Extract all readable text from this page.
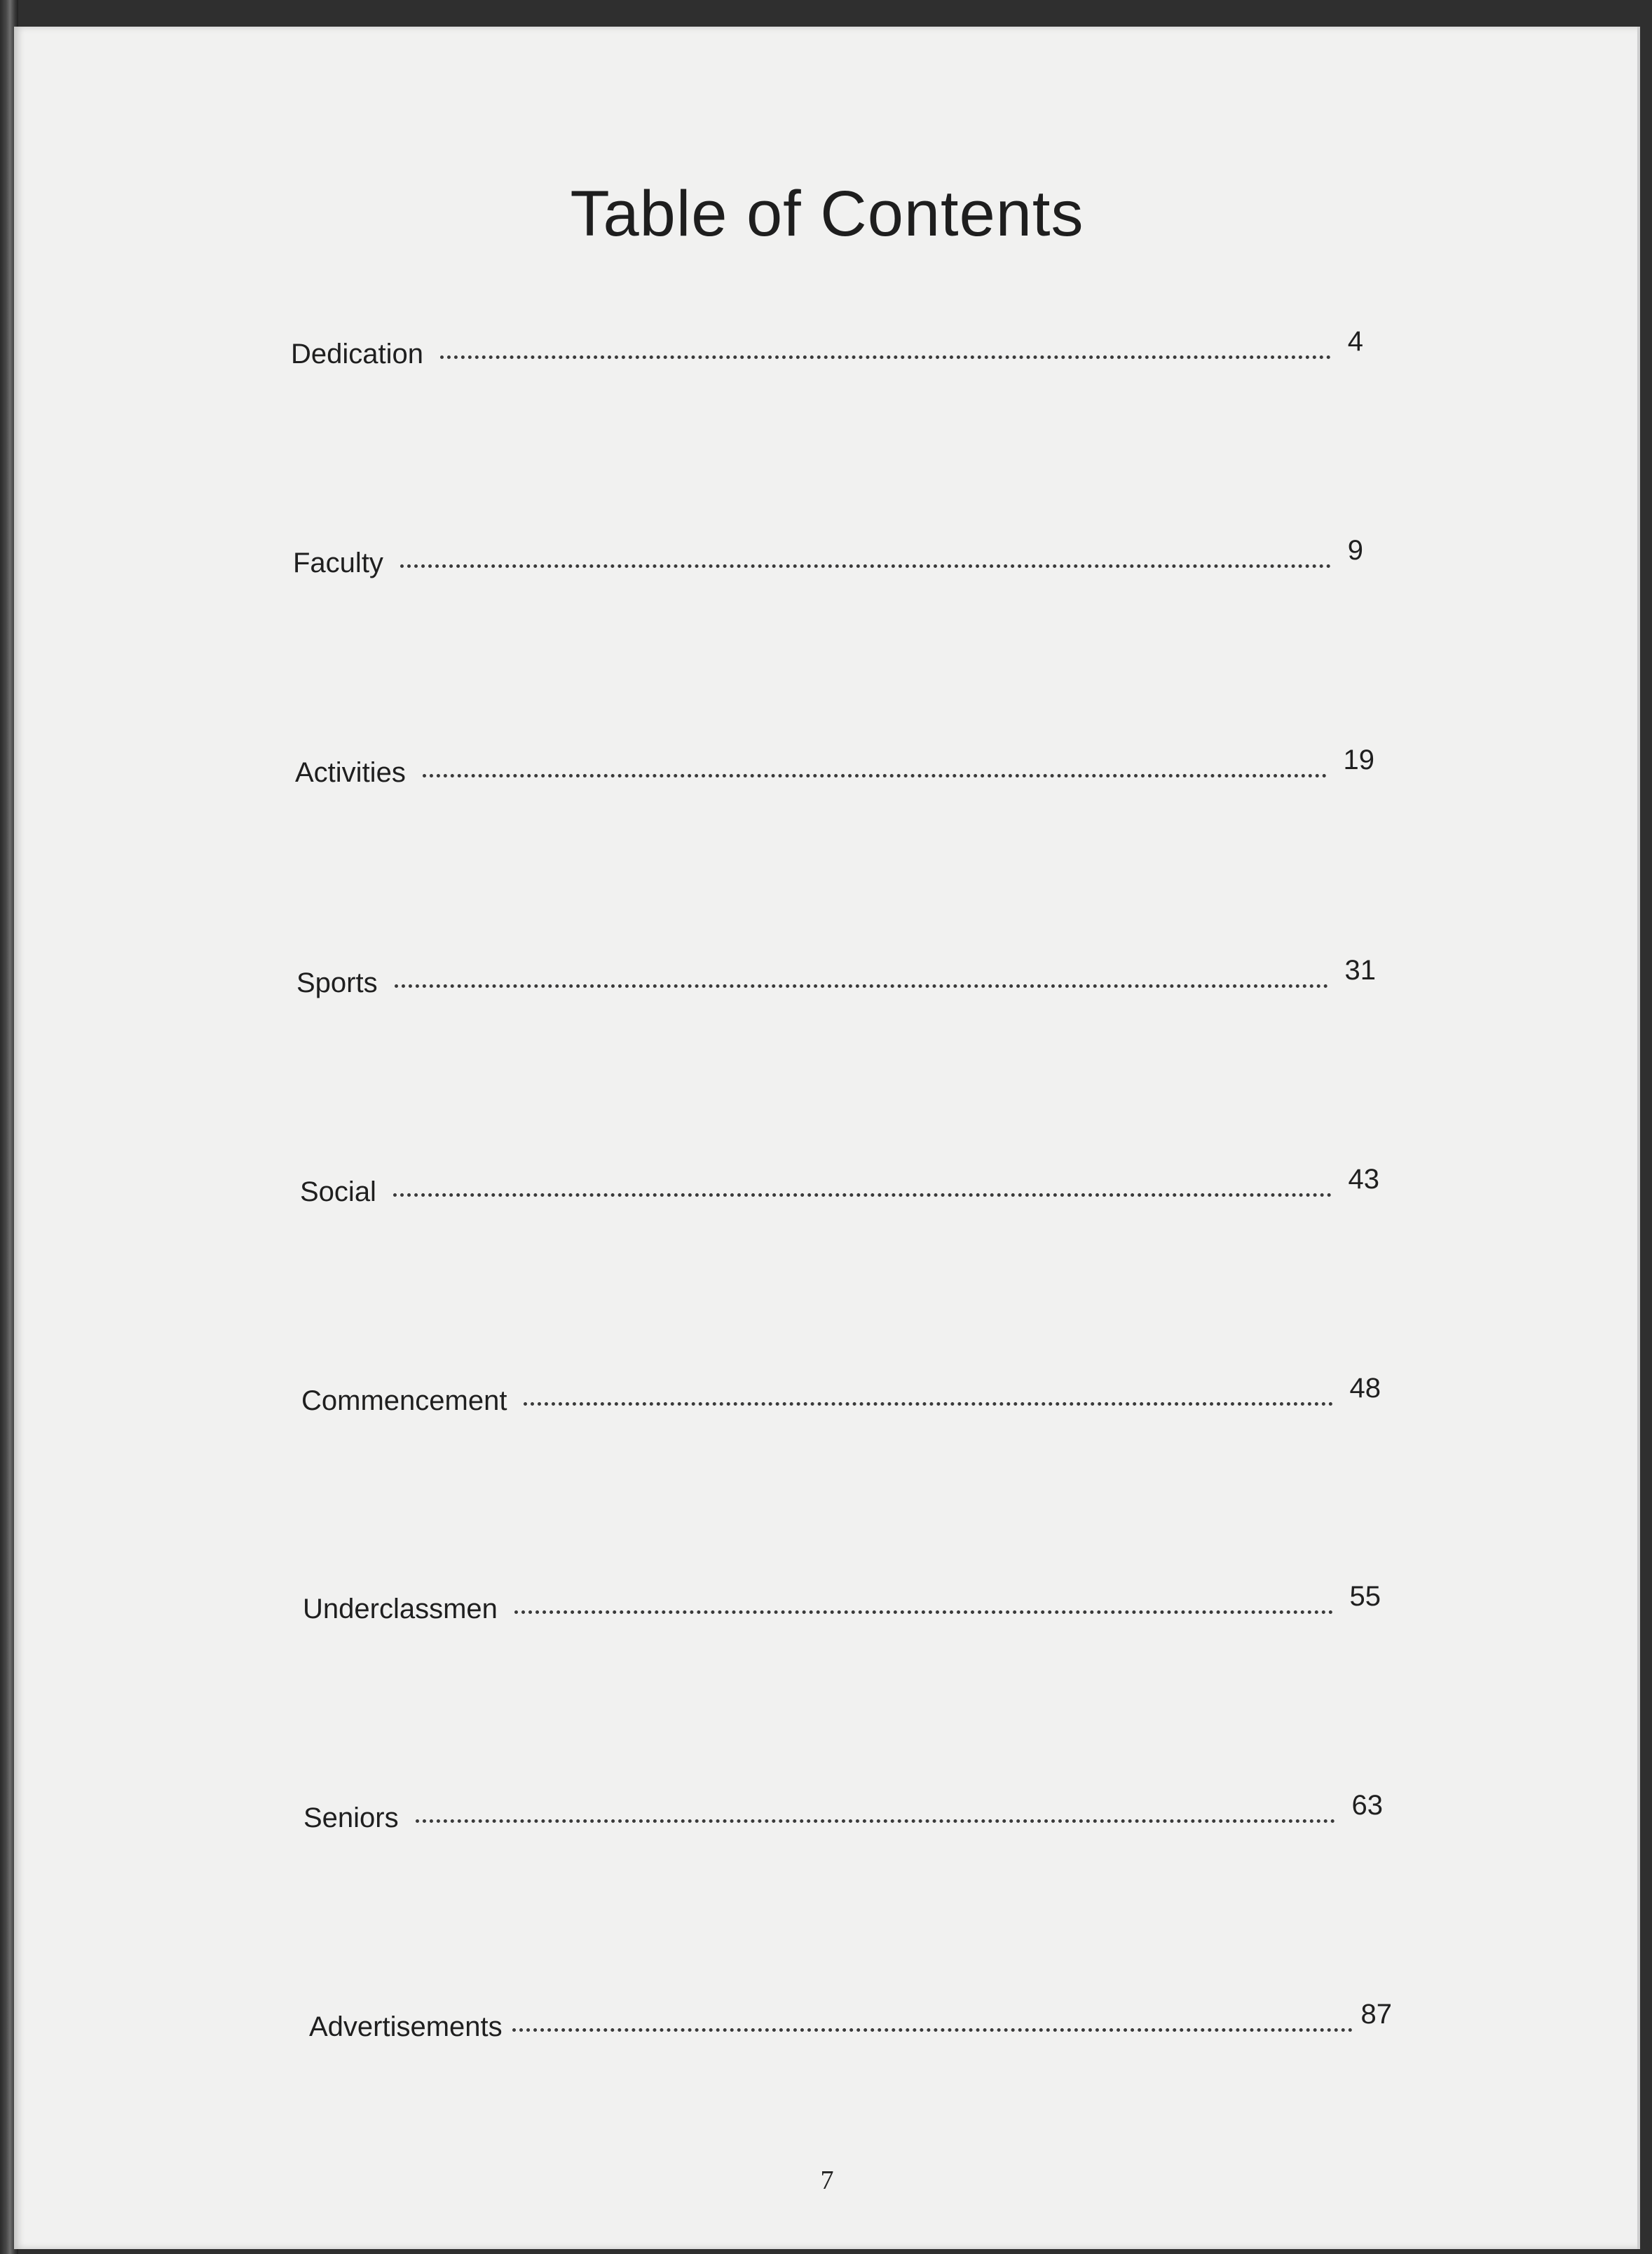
Table of Contents
Dedication	4
Faculty	9
Activities	19
Sports	31
Social	43
Commencement	48
Underclassmen	55
Seniors	63
Advertisements	87
7
